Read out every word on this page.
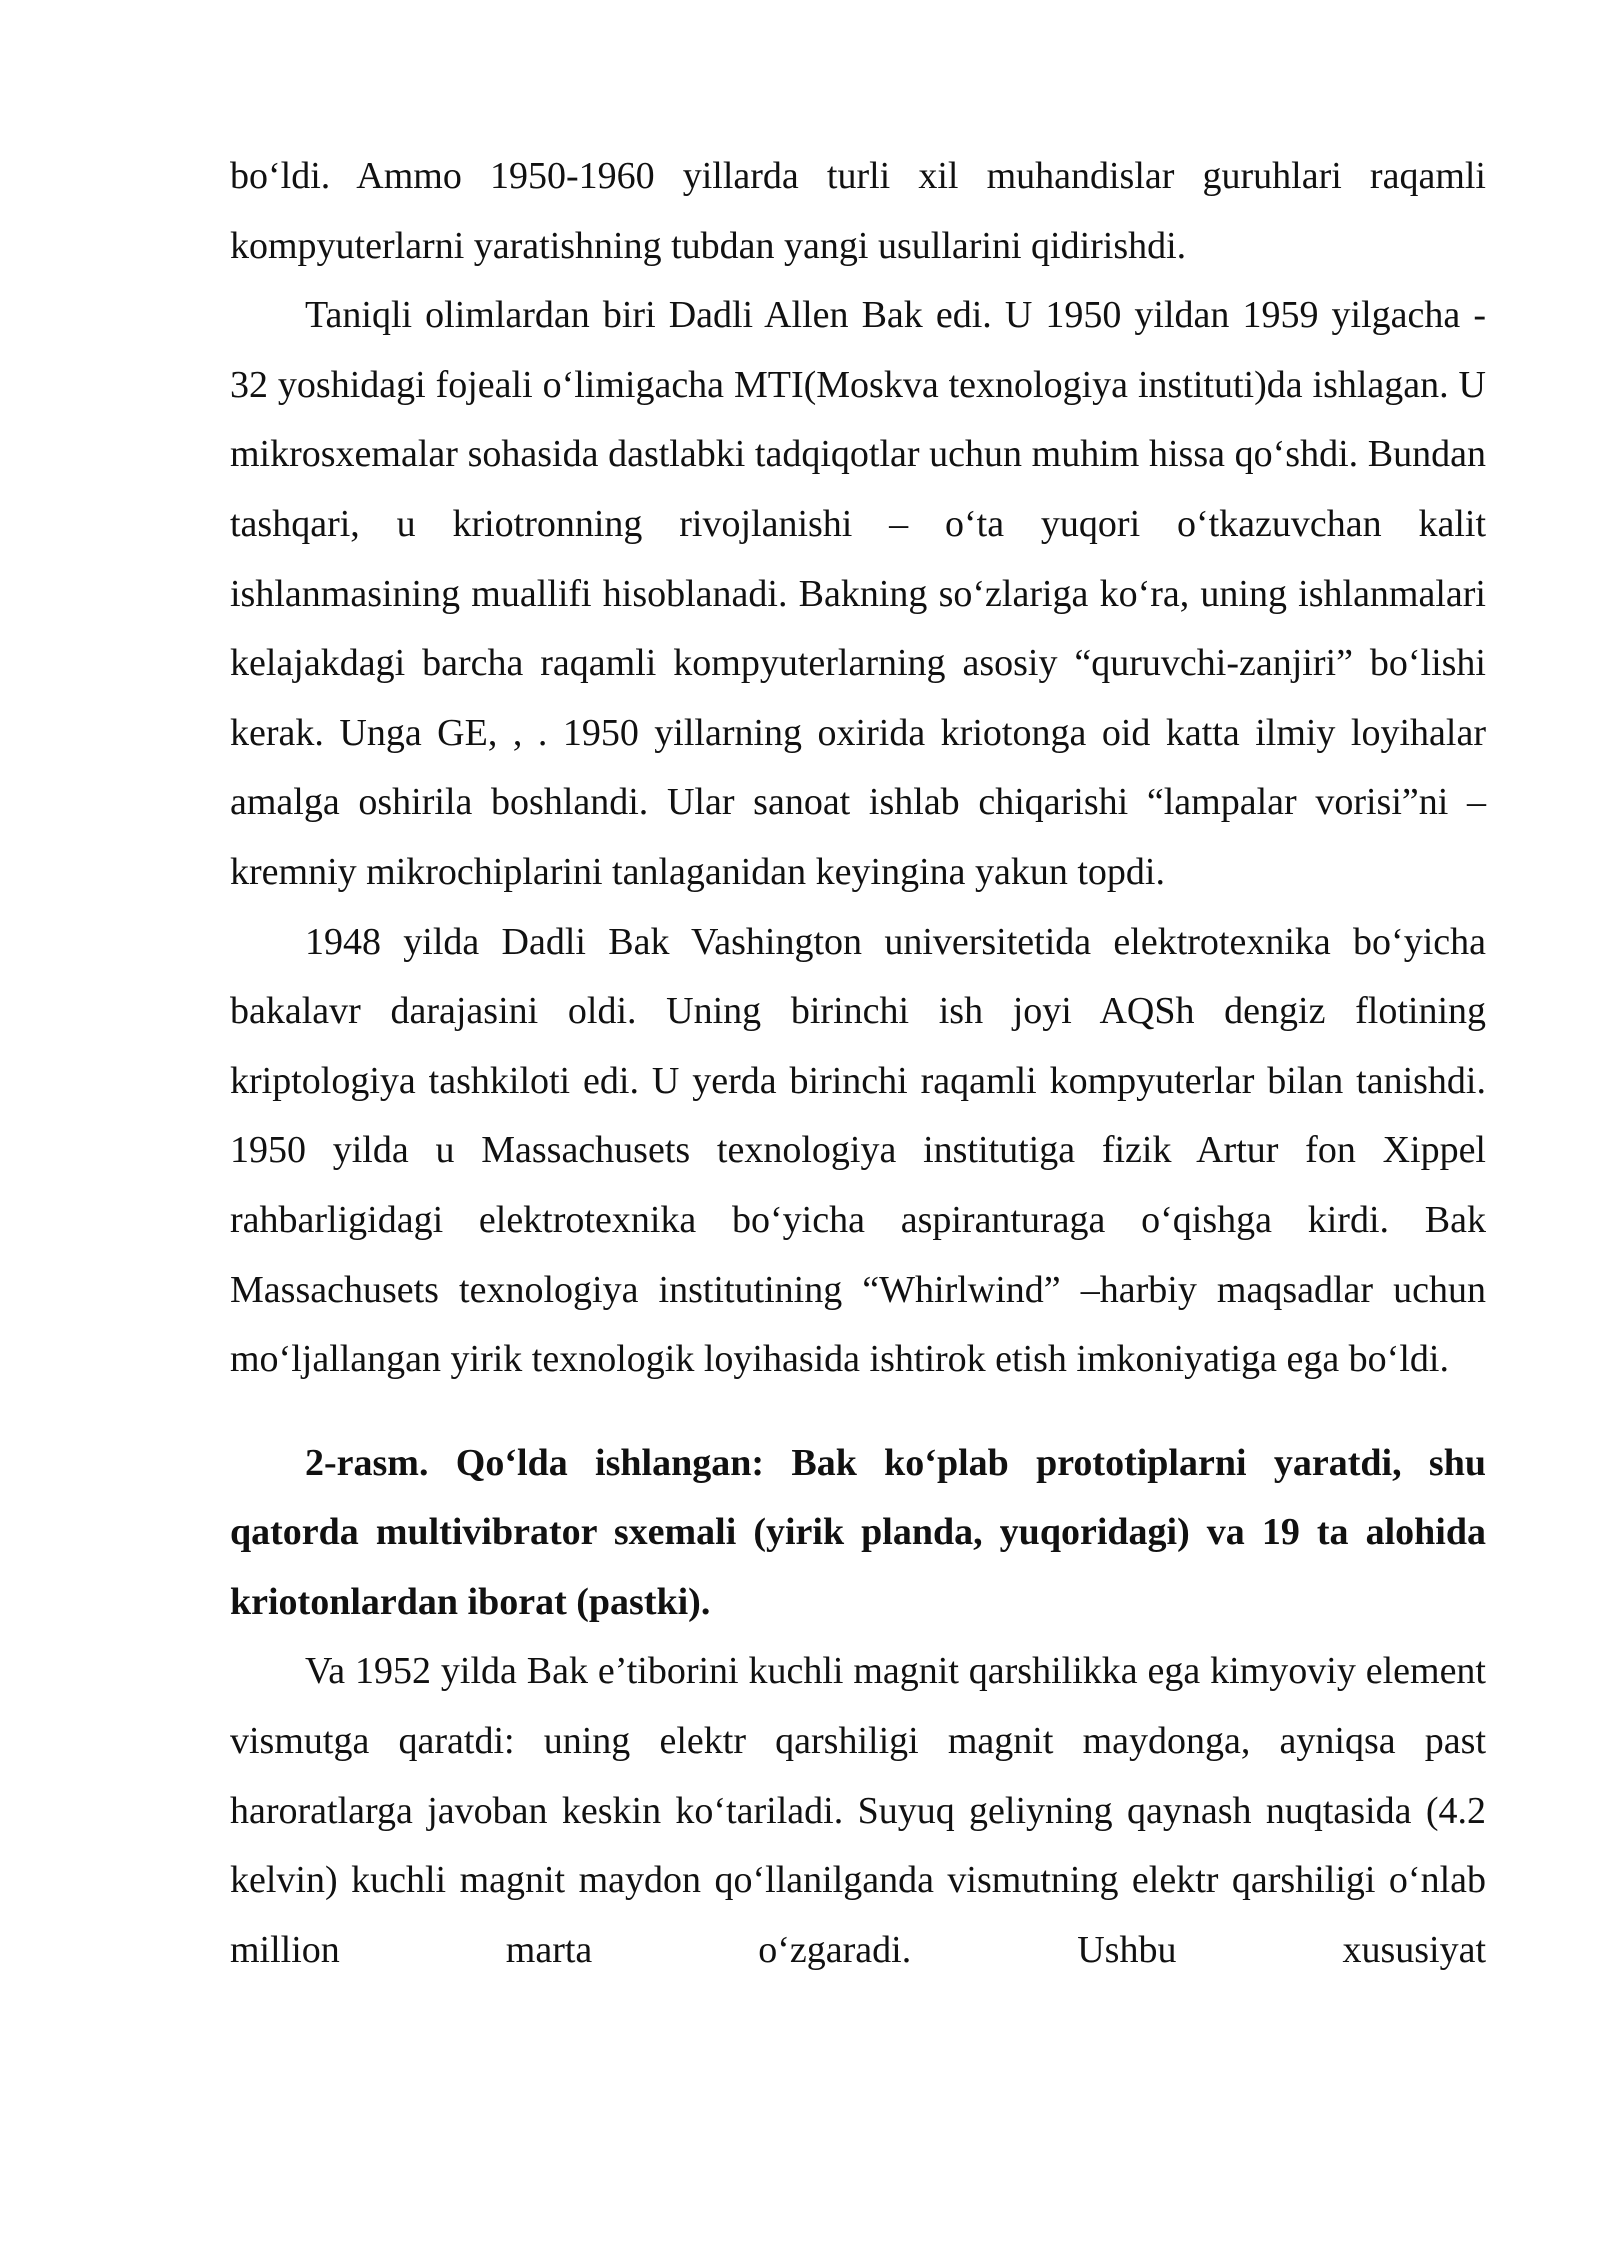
bo‘ldi. Ammo 1950-1960 yillarda turli xil muhandislar guruhlari raqamli kompyuterlarni yaratishning tubdan yangi usullarini qidirishdi.

Taniqli olimlardan biri Dadli Allen Bak edi. U 1950 yildan 1959 yilgacha - 32 yoshidagi fojeali o‘limigacha MTI(Moskva texnologiya instituti)da ishlagan. U mikrosxemalar sohasida dastlabki tadqiqotlar uchun muhim hissa qo‘shdi. Bundan tashqari, u kriotronning rivojlanishi – o‘ta yuqori o‘tkazuvchan kalit ishlanmasining muallifi hisoblanadi. Bakning so‘zlariga ko‘ra, uning ishlanmalari kelajakdagi barcha raqamli kompyuterlarning asosiy “quruvchi-zanjiri” bo‘lishi kerak. Unga GE, , . 1950 yillarning oxirida kriotonga oid katta ilmiy loyihalar amalga oshirila boshlandi. Ular sanoat ishlab chiqarishi “lampalar vorisi”ni – kremniy mikrochiplarini tanlaganidan keyingina yakun topdi.

1948 yilda Dadli Bak Vashington universitetida elektrotexnika bo‘yicha bakalavr darajasini oldi. Uning birinchi ish joyi AQSh dengiz flotining kriptologiya tashkiloti edi. U yerda birinchi raqamli kompyuterlar bilan tanishdi. 1950 yilda u Massachusets texnologiya institutiga fizik Artur fon Xippel rahbarligidagi elektrotexnika bo‘yicha aspiranturaga o‘qishga kirdi. Bak Massachusets texnologiya institutining “Whirlwind” –harbiy maqsadlar uchun mo‘ljallangan yirik texnologik loyihasida ishtirok etish imkoniyatiga ega bo‘ldi.

2-rasm. Qo‘lda ishlangan: Bak ko‘plab prototiplarni yaratdi, shu qatorda multivibrator sxemali (yirik planda, yuqoridagi) va 19 ta alohida kriotonlardan iborat (pastki).

Va 1952 yilda Bak e’tiborini kuchli magnit qarshilikka ega kimyoviy element vismutga qaratdi: uning elektr qarshiligi magnit maydonga, ayniqsa past haroratlarga javoban keskin ko‘tariladi. Suyuq geliyning qaynash nuqtasida (4.2 kelvin) kuchli magnit maydon qo‘llanilganda vismutning elektr qarshiligi o‘nlab million marta o‘zgaradi. Ushbu xususiyat
